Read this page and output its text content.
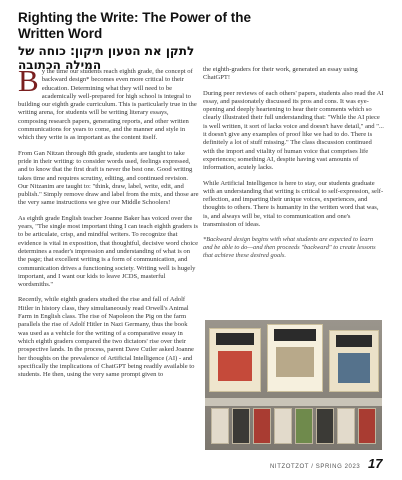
Righting the Write: The Power of the Written Word
לתקן את הטעון תיקון: כוחה של המילה הכתובה

By the time our students reach eighth grade, the concept of backward design* becomes even more critical to their education. Determining what they will need to be academically well-prepared for high school is integral to building our eighth grade curriculum. This is particularly true in the writing arena, for students will be writing literary essays, composing research papers, generating reports, and other written communications for years to come, and the manner and style in which they write is as important as the content itself.

From Gan Nitzan through 8th grade, students are taught to take pride in their writing: to consider words used, feelings expressed, and to know that the first draft is never the best one. Good writing takes time and requires scrutiny, editing, and continued revision. Our Nitzanim are taught to: "think, draw, label, write, edit, and publish." Simply remove draw and label from the mix, and those are the very same instructions we give our Middle Schoolers!

As eighth grade English teacher Joanne Baker has voiced over the years, "The single most important thing I can teach eighth graders is to be articulate, crisp, and mindful writers. To recognize that evidence is vital in exposition, that thoughtful, decisive word choice determines a reader's impression and understanding of what is on the page; that excellent writing is a form of communication, and communication drives a functioning society. Writing well is hugely important, and I want our kids to leave JCDS, masterful wordsmiths."

Recently, while eighth graders studied the rise and fall of Adolf Hitler in history class, they simultaneously read Orwell's Animal Farm in English class. The rise of Napoleon the Pig on the farm parallels the rise of Adolf Hitler in Nazi Germany, thus the book was used as a vehicle for the writing of a comparative essay in which eighth graders compared the two dictators' rise over their prospective lands. In the process, parent Dave Cutler asked Joanne her thoughts on the prevalence of Artificial Intelligence (AI) - and specifically the implications of ChatGPT being readily available to students. He then, using the very same prompt given to

the eighth-graders for their work, generated an essay using ChatGPT!

During peer reviews of each others' papers, students also read the AI essay, and passionately discussed its pros and cons. It was eye-opening and deeply heartening to hear their comments which so clearly illustrated their full understanding that: "While the AI piece is well written, it sort of lacks voice and doesn't have detail," and "... it doesn't give any examples of proof like we had to do. There is definitely a lot of stuff missing." The class discussion continued with the import and vitality of human voice that comprises life experiences; something AI, despite having vast amounts of information, acutely lacks.

While Artificial Intelligence is here to stay, our students graduate with an understanding that writing is critical to self-expression, self-reflection, and imparting their unique voices, experiences, and thoughts to others. There is humanity in the written word that was, is, and always will be, vital to communication and one's transmission of ideas.

*Backward design begins with what students are expected to learn and be able to do—and then proceeds "backward" to create lessons that achieve these desired goals.

NITZOTZOT / SPRING 2023 17
